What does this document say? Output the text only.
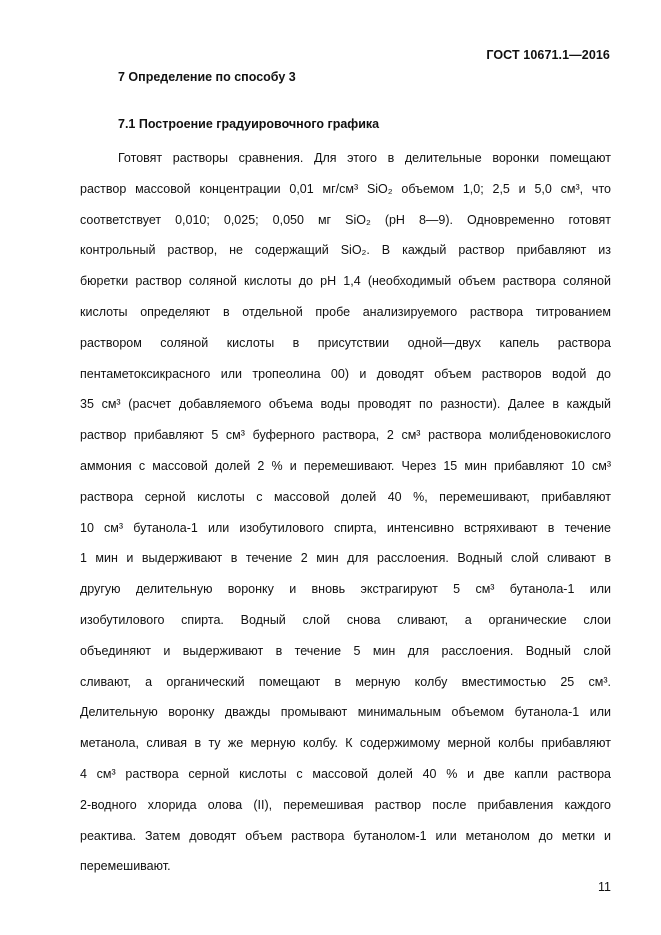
ГОСТ 10671.1—2016
7 Определение по способу 3
7.1 Построение градуировочного графика
Готовят растворы сравнения. Для этого в делительные воронки помещают
раствор массовой концентрации 0,01 мг/см³ SiO₂ объемом 1,0; 2,5 и 5,0 см³, что
соответствует 0,010; 0,025; 0,050 мг SiO₂ (pH 8—9). Одновременно готовят
контрольный раствор, не содержащий SiO₂. В каждый раствор прибавляют из
бюретки раствор соляной кислоты до pH 1,4 (необходимый объем раствора соляной
кислоты определяют в отдельной пробе анализируемого раствора титрованием
раствором соляной кислоты в присутствии одной—двух капель раствора
пентаметоксикрасного или тропеолина 00) и доводят объем растворов водой до
35 см³ (расчет добавляемого объема воды проводят по разности). Далее в каждый
раствор прибавляют 5 см³ буферного раствора, 2 см³ раствора молибденовокислого
аммония с массовой долей 2 % и перемешивают. Через 15 мин прибавляют 10 см³
раствора серной кислоты с массовой долей 40 %, перемешивают, прибавляют
10 см³ бутанола-1 или изобутилового спирта, интенсивно встряхивают в течение
1 мин и выдерживают в течение 2 мин для расслоения. Водный слой сливают в
другую делительную воронку и вновь экстрагируют 5 см³ бутанола-1 или
изобутилового спирта. Водный слой снова сливают, а органические слои
объединяют и выдерживают в течение 5 мин для расслоения. Водный слой
сливают, а органический помещают в мерную колбу вместимостью 25 см³.
Делительную воронку дважды промывают минимальным объемом бутанола-1 или
метанола, сливая в ту же мерную колбу. К содержимому мерной колбы прибавляют
4 см³ раствора серной кислоты с массовой долей 40 % и две капли раствора
2-водного хлорида олова (II), перемешивая раствор после прибавления каждого
реактива. Затем доводят объем раствора бутанолом-1 или метанолом до метки и
перемешивают.
11
